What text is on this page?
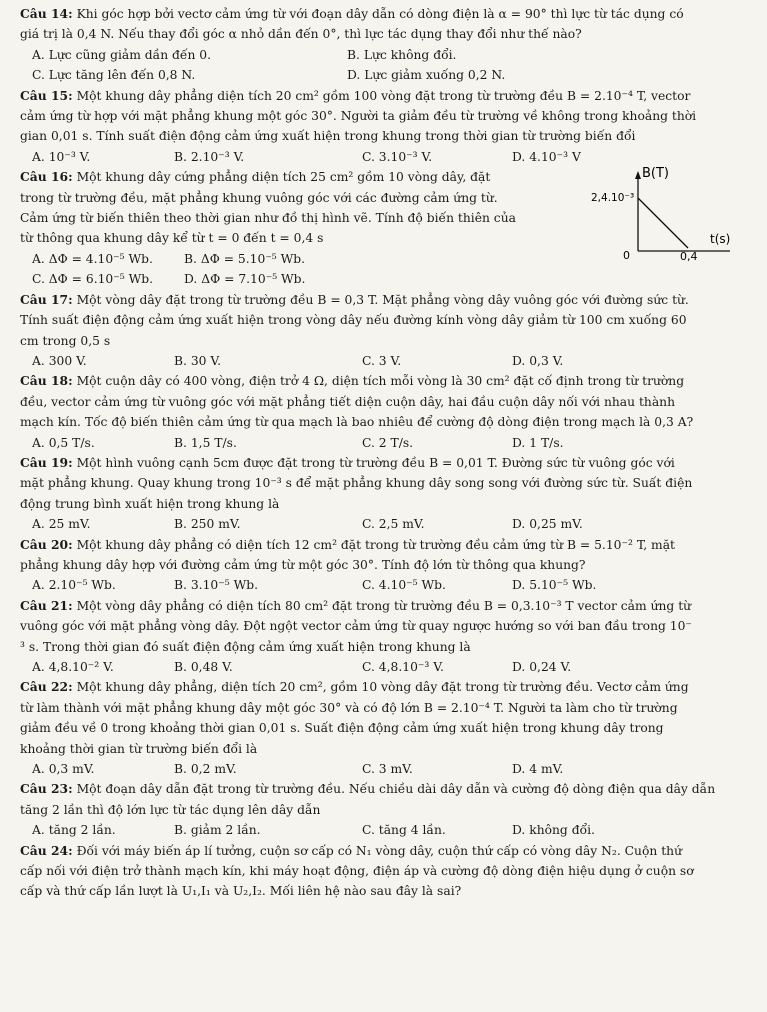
Câu 14: Khi góc hợp bởi vectơ cảm ứng từ với đoạn dây dẫn có dòng điện là α = 90° thì lực từ tác dụng có
giá trị là 0,4 N. Nếu thay đổi góc α nhỏ dần đến 0°, thì lực tác dụng thay đổi như thế nào?
A. Lực cũng giảm dần đến 0.	B. Lực không đổi.
C. Lực tăng lên đến 0,8 N.	D. Lực giảm xuống 0,2 N.
Câu 15: Một khung dây phẳng diện tích 20 cm² gồm 100 vòng đặt trong từ trường đều B = 2.10⁻⁴ T, vector
cảm ứng từ hợp với mặt phẳng khung một góc 30°. Người ta giảm đều từ trường về không trong khoảng thời
gian 0,01 s. Tính suất điện động cảm ứng xuất hiện trong khung trong thời gian từ trường biến đổi
A. 10⁻³ V.	B. 2.10⁻³ V.	C. 3.10⁻³ V.	D. 4.10⁻³ V
Câu 16: Một khung dây cứng phẳng diện tích 25 cm² gồm 10 vòng dây, đặt
trong từ trường đều, mặt phẳng khung vuông góc với các đường cảm ứng từ.
Cảm ứng từ biến thiên theo thời gian như đồ thị hình vẽ. Tính độ biến thiên của
từ thông qua khung dây kể từ t = 0 đến t = 0,4 s
A. ΔΦ = 4.10⁻⁵ Wb.	B. ΔΦ = 5.10⁻⁵ Wb.
C. ΔΦ = 6.10⁻⁵ Wb.	D. ΔΦ = 7.10⁻⁵ Wb.
B(T)
2,4.10⁻³
t(s)
0	0,4
Câu 17: Một vòng dây đặt trong từ trường đều B = 0,3 T. Mặt phẳng vòng dây vuông góc với đường sức từ.
Tính suất điện động cảm ứng xuất hiện trong vòng dây nếu đường kính vòng dây giảm từ 100 cm xuống 60
cm trong 0,5 s
A. 300 V.	B. 30 V.	C. 3 V.	D. 0,3 V.
Câu 18: Một cuộn dây có 400 vòng, điện trở 4 Ω, diện tích mỗi vòng là 30 cm² đặt cố định trong từ trường
đều, vector cảm ứng từ vuông góc với mặt phẳng tiết diện cuộn dây, hai đầu cuộn dây nối với nhau thành
mạch kín. Tốc độ biến thiên cảm ứng từ qua mạch là bao nhiêu để cường độ dòng điện trong mạch là 0,3 A?
A. 0,5 T/s.	B. 1,5 T/s.	C. 2 T/s.	D. 1 T/s.
Câu 19: Một hình vuông cạnh 5cm được đặt trong từ trường đều B = 0,01 T. Đường sức từ vuông góc với
mặt phẳng khung. Quay khung trong 10⁻³ s để mặt phẳng khung dây song song với đường sức từ. Suất điện
động trung bình xuất hiện trong khung là
A. 25 mV.	B. 250 mV.	C. 2,5 mV.	D. 0,25 mV.
Câu 20: Một khung dây phẳng có diện tích 12 cm² đặt trong từ trường đều cảm ứng từ B = 5.10⁻² T, mặt
phẳng khung dây hợp với đường cảm ứng từ một góc 30°. Tính độ lớn từ thông qua khung?
A. 2.10⁻⁵ Wb.	B. 3.10⁻⁵ Wb.	C. 4.10⁻⁵ Wb.	D. 5.10⁻⁵ Wb.
Câu 21: Một vòng dây phẳng có diện tích 80 cm² đặt trong từ trường đều B = 0,3.10⁻³ T vector cảm ứng từ
vuông góc với mặt phẳng vòng dây. Đột ngột vector cảm ứng từ quay ngược hướng so với ban đầu trong 10⁻
³ s. Trong thời gian đó suất điện động cảm ứng xuất hiện trong khung là
A. 4,8.10⁻² V.	B. 0,48 V.	C. 4,8.10⁻³ V.	D. 0,24 V.
Câu 22: Một khung dây phẳng, diện tích 20 cm², gồm 10 vòng dây đặt trong từ trường đều. Vectơ cảm ứng
từ làm thành với mặt phẳng khung dây một góc 30° và có độ lớn B = 2.10⁻⁴ T. Người ta làm cho từ trường
giảm đều về 0 trong khoảng thời gian 0,01 s. Suất điện động cảm ứng xuất hiện trong khung dây trong
khoảng thời gian từ trường biến đổi là
A. 0,3 mV.	B. 0,2 mV.	C. 3 mV.	D. 4 mV.
Câu 23: Một đoạn dây dẫn đặt trong từ trường đều. Nếu chiều dài dây dẫn và cường độ dòng điện qua dây dẫn
tăng 2 lần thì độ lớn lực từ tác dụng lên dây dẫn
A. tăng 2 lần.	B. giảm 2 lần.	C. tăng 4 lần.	D. không đổi.
Câu 24: Đối với máy biến áp lí tưởng, cuộn sơ cấp có N₁ vòng dây, cuộn thứ cấp có vòng dây N₂. Cuộn thứ
cấp nối với điện trở thành mạch kín, khi máy hoạt động, điện áp và cường độ dòng điện hiệu dụng ở cuộn sơ
cấp và thứ cấp lần lượt là U₁,I₁ và U₂,I₂. Mối liên hệ nào sau đây là sai?
